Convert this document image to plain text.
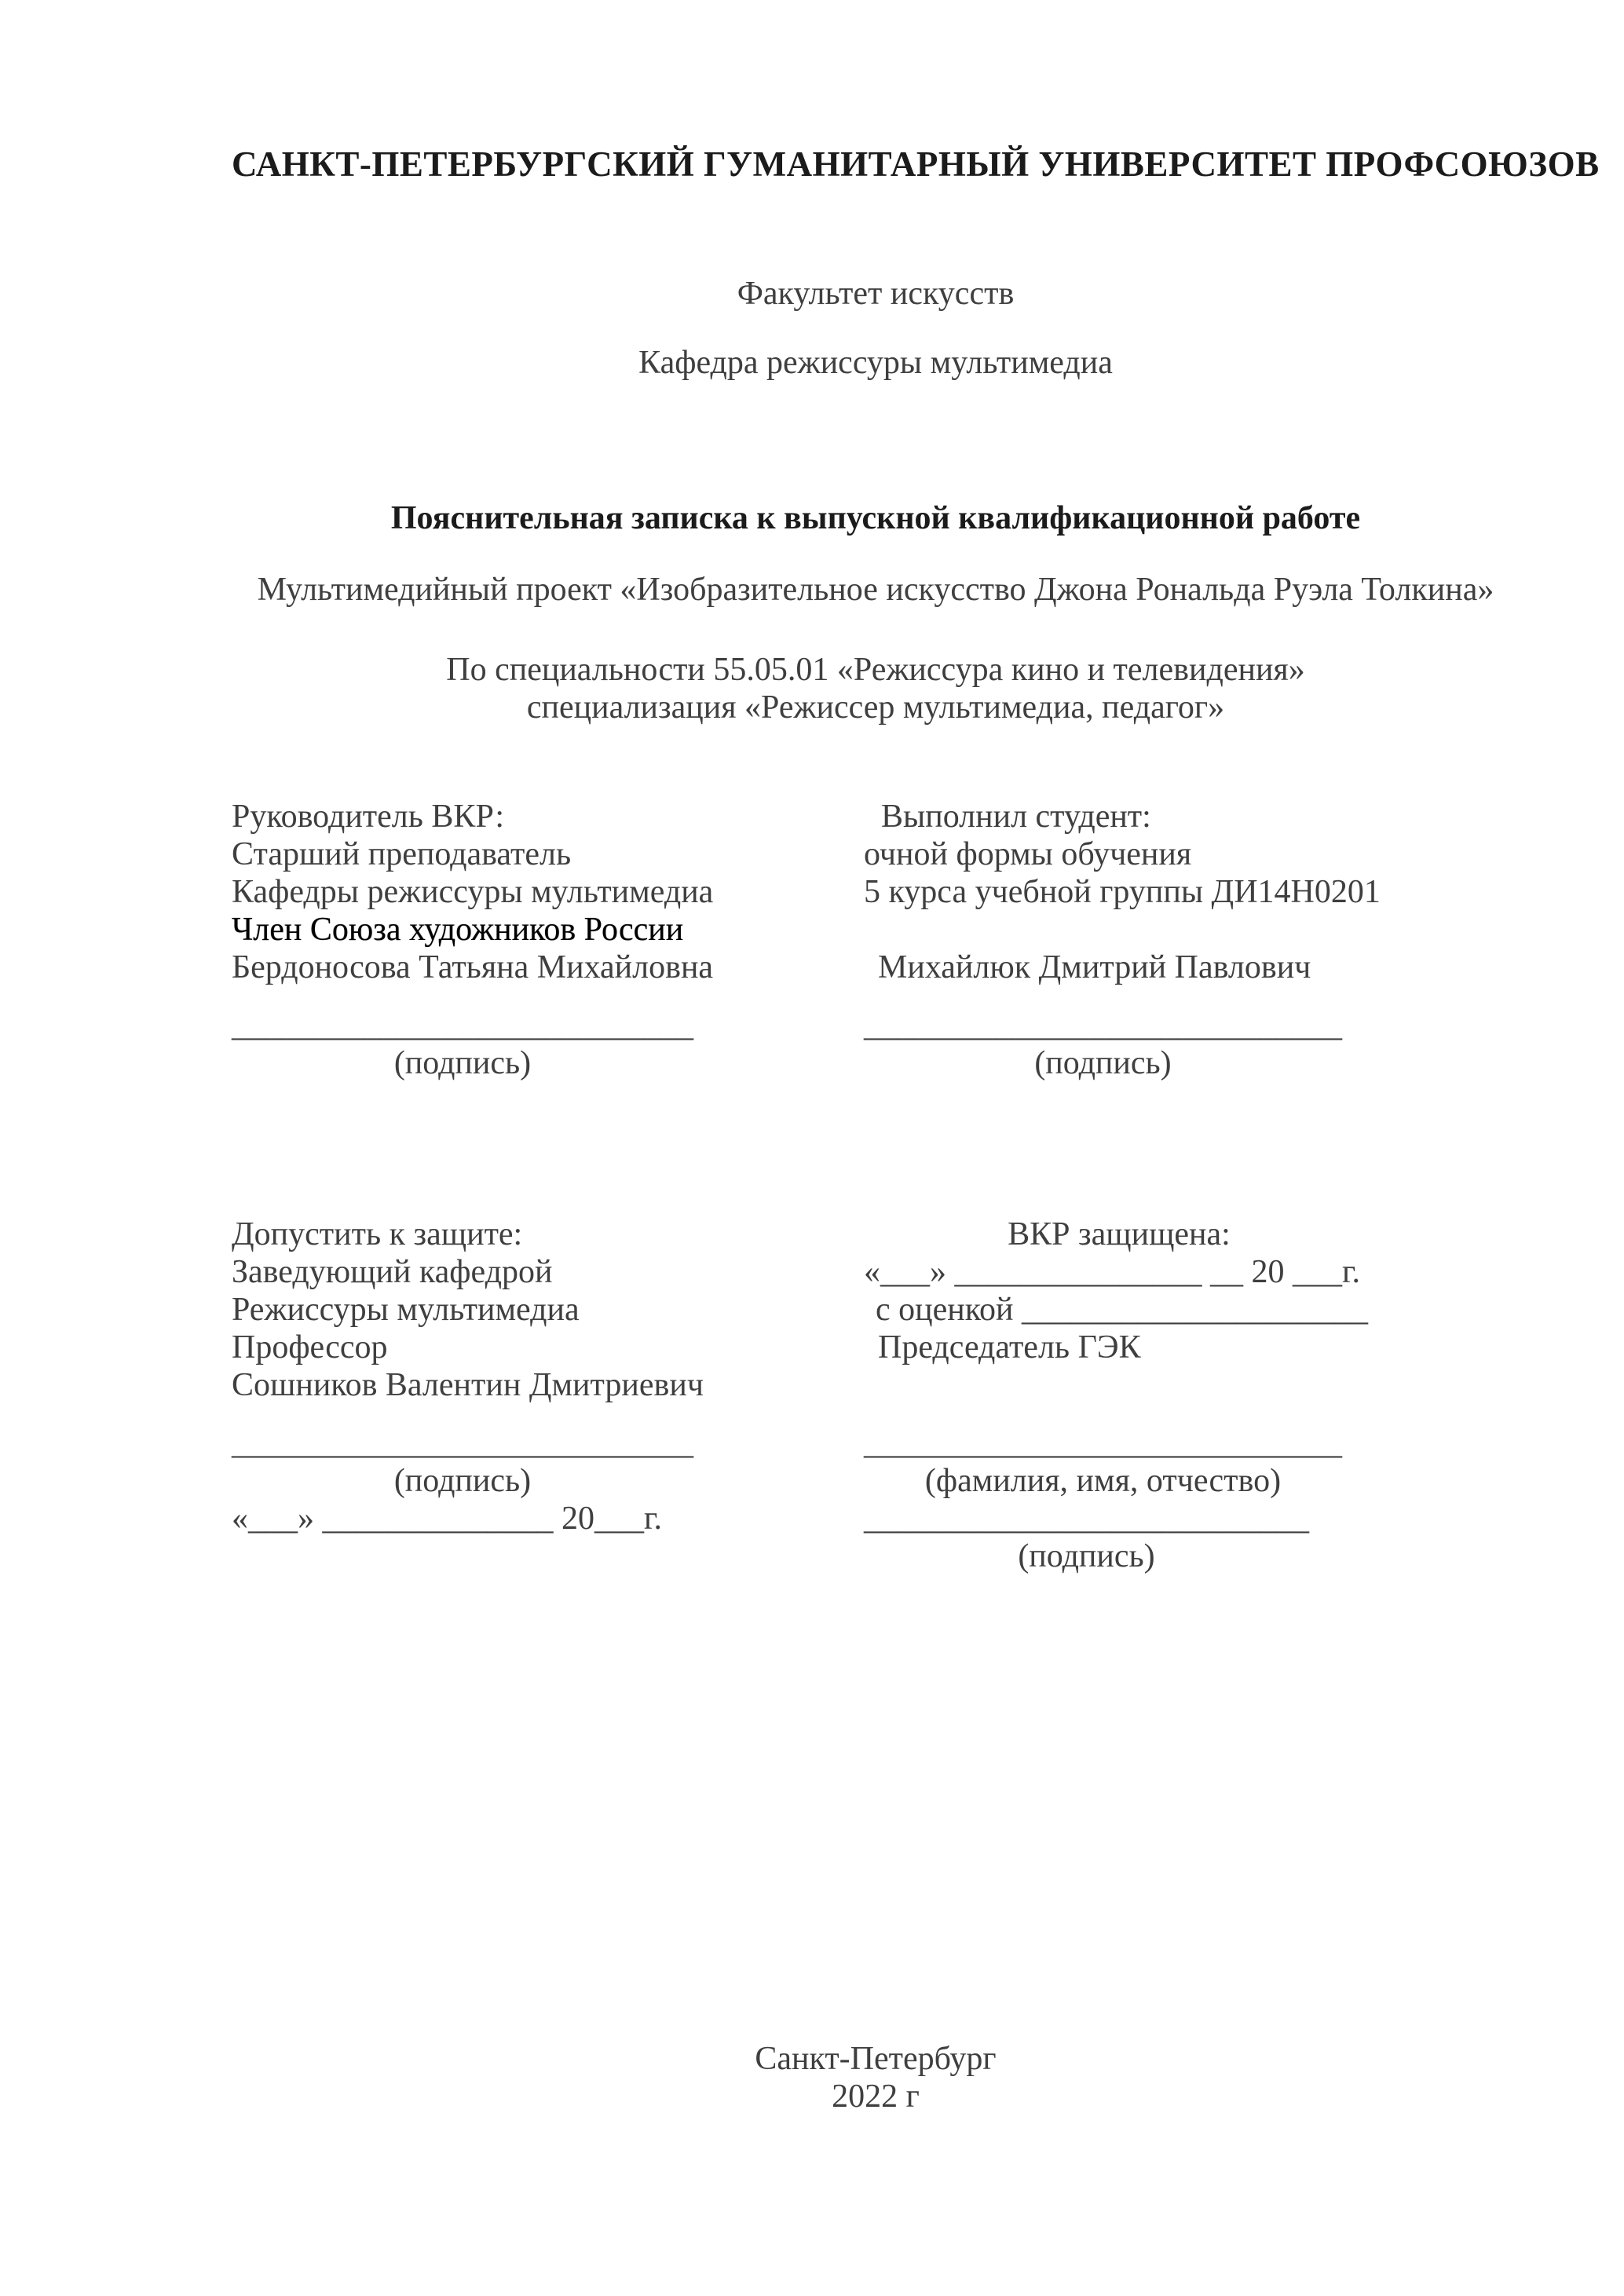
САНКТ-ПЕТЕРБУРГСКИЙ ГУМАНИТАРНЫЙ УНИВЕРСИТЕТ ПРОФСОЮЗОВ
Факультет искусств
Кафедра режиссуры мультимедиа
Пояснительная записка к выпускной квалификационной работе
Мультимедийный проект «Изобразительное искусство Джона Рональда Руэла Толкина»
По специальности 55.05.01 «Режиссура кино и телевидения»
специализация «Режиссер мультимедиа, педагог»
Руководитель ВКР:
Старший преподаватель
Кафедры режиссуры мультимедиа
Член Союза художников России
Бердоносова Татьяна Михайловна
____________________________
(подпись)
Выполнил студент:
очной формы обучения
5 курса учебной группы ДИ14Н0201
Михайлюк Дмитрий Павлович
_____________________________
(подпись)
Допустить к защите:
Заведующий кафедрой
Режиссуры мультимедиа
Профессор
Сошников Валентин Дмитриевич
____________________________
(подпись)
«___» ______________ 20___г.
ВКР защищена:
«___» _______________ __ 20 ___г.
с оценкой _____________________
Председатель ГЭК
_____________________________
(фамилия, имя, отчество)
___________________________
(подпись)
Санкт-Петербург
2022 г
